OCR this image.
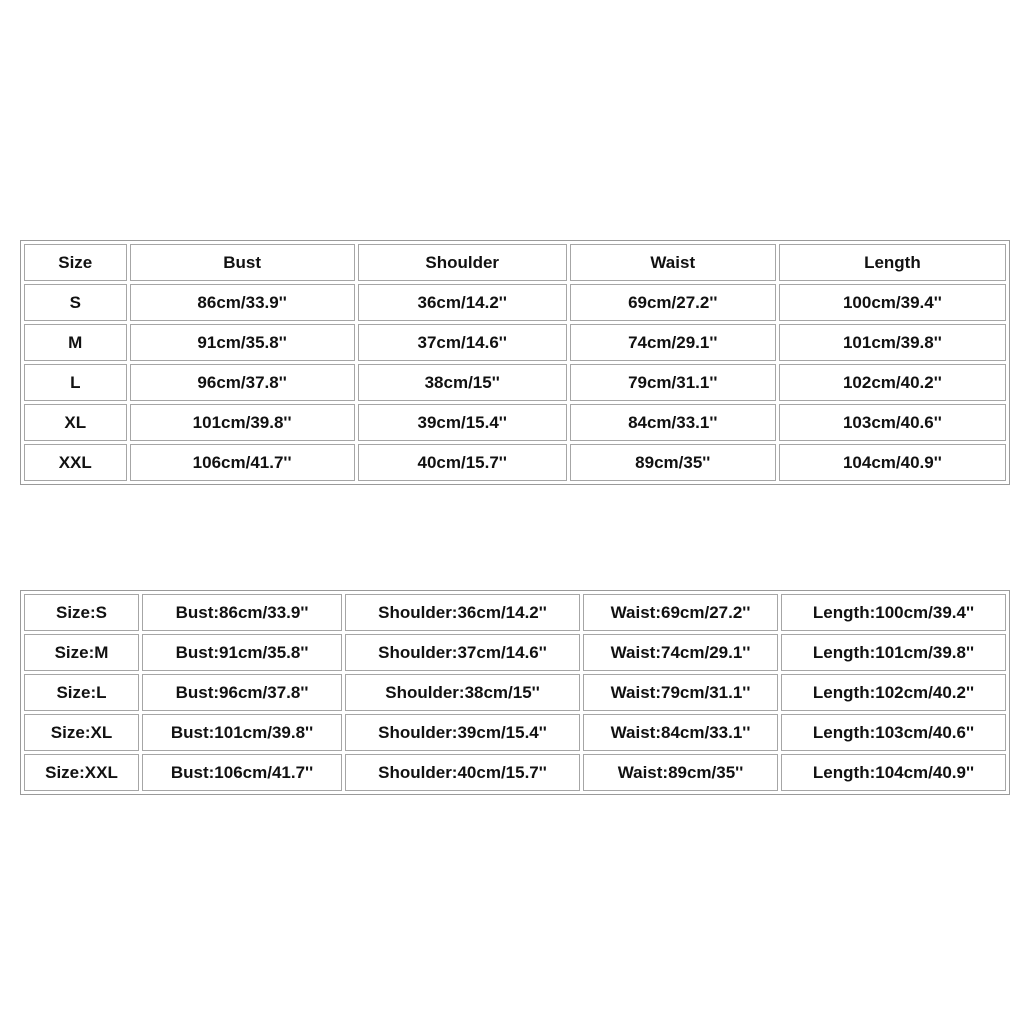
Size	Bust	Shoulder	Waist	Length
S	86cm/33.9''	36cm/14.2''	69cm/27.2''	100cm/39.4''
M	91cm/35.8''	37cm/14.6''	74cm/29.1''	101cm/39.8''
L	96cm/37.8''	38cm/15''	79cm/31.1''	102cm/40.2''
XL	101cm/39.8''	39cm/15.4''	84cm/33.1''	103cm/40.6''
XXL	106cm/41.7''	40cm/15.7''	89cm/35''	104cm/40.9''
Size:S	Bust:86cm/33.9''	Shoulder:36cm/14.2''	Waist:69cm/27.2''	Length:100cm/39.4''
Size:M	Bust:91cm/35.8''	Shoulder:37cm/14.6''	Waist:74cm/29.1''	Length:101cm/39.8''
Size:L	Bust:96cm/37.8''	Shoulder:38cm/15''	Waist:79cm/31.1''	Length:102cm/40.2''
Size:XL	Bust:101cm/39.8''	Shoulder:39cm/15.4''	Waist:84cm/33.1''	Length:103cm/40.6''
Size:XXL	Bust:106cm/41.7''	Shoulder:40cm/15.7''	Waist:89cm/35''	Length:104cm/40.9''
